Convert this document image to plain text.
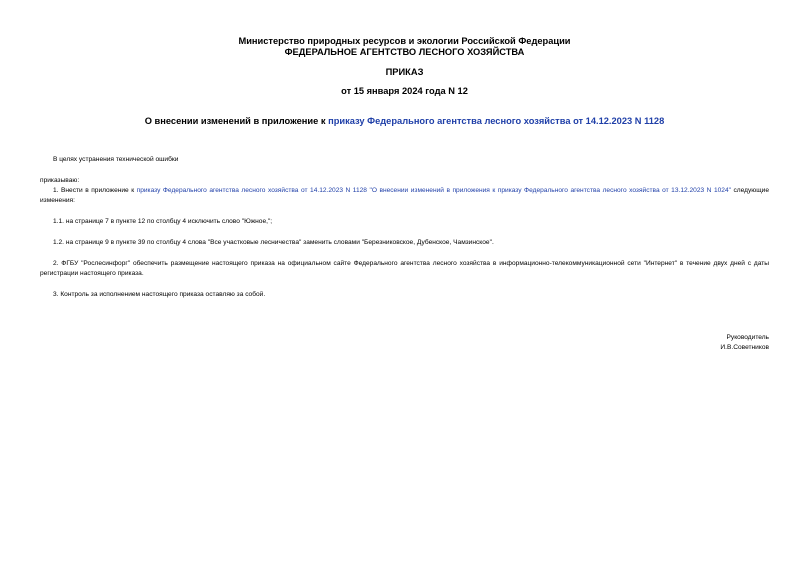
Министерство природных ресурсов и экологии Российской Федерации
ФЕДЕРАЛЬНОЕ АГЕНТСТВО ЛЕСНОГО ХОЗЯЙСТВА
ПРИКАЗ
от 15 января 2024 года N 12
О внесении изменений в приложение к приказу Федерального агентства лесного хозяйства от 14.12.2023 N 1128
В целях устранения технической ошибки
приказываю:
1. Внести в приложение к приказу Федерального агентства лесного хозяйства от 14.12.2023 N 1128 "О внесении изменений в приложения к приказу Федерального агентства лесного хозяйства от 13.12.2023 N 1024" следующие изменения:
1.1. на странице 7 в пункте 12 по столбцу 4 исключить слово "Южное,";
1.2. на странице 9 в пункте 39 по столбцу 4 слова "Все участковые лесничества" заменить словами "Березниковское, Дубенское, Чамзинское".
2. ФГБУ "Рослесинфорг" обеспечить размещение настоящего приказа на официальном сайте Федерального агентства лесного хозяйства в информационно-телекоммуникационной сети "Интернет" в течение двух дней с даты регистрации настоящего приказа.
3. Контроль за исполнением настоящего приказа оставляю за собой.
Руководитель
И.В.Советников
